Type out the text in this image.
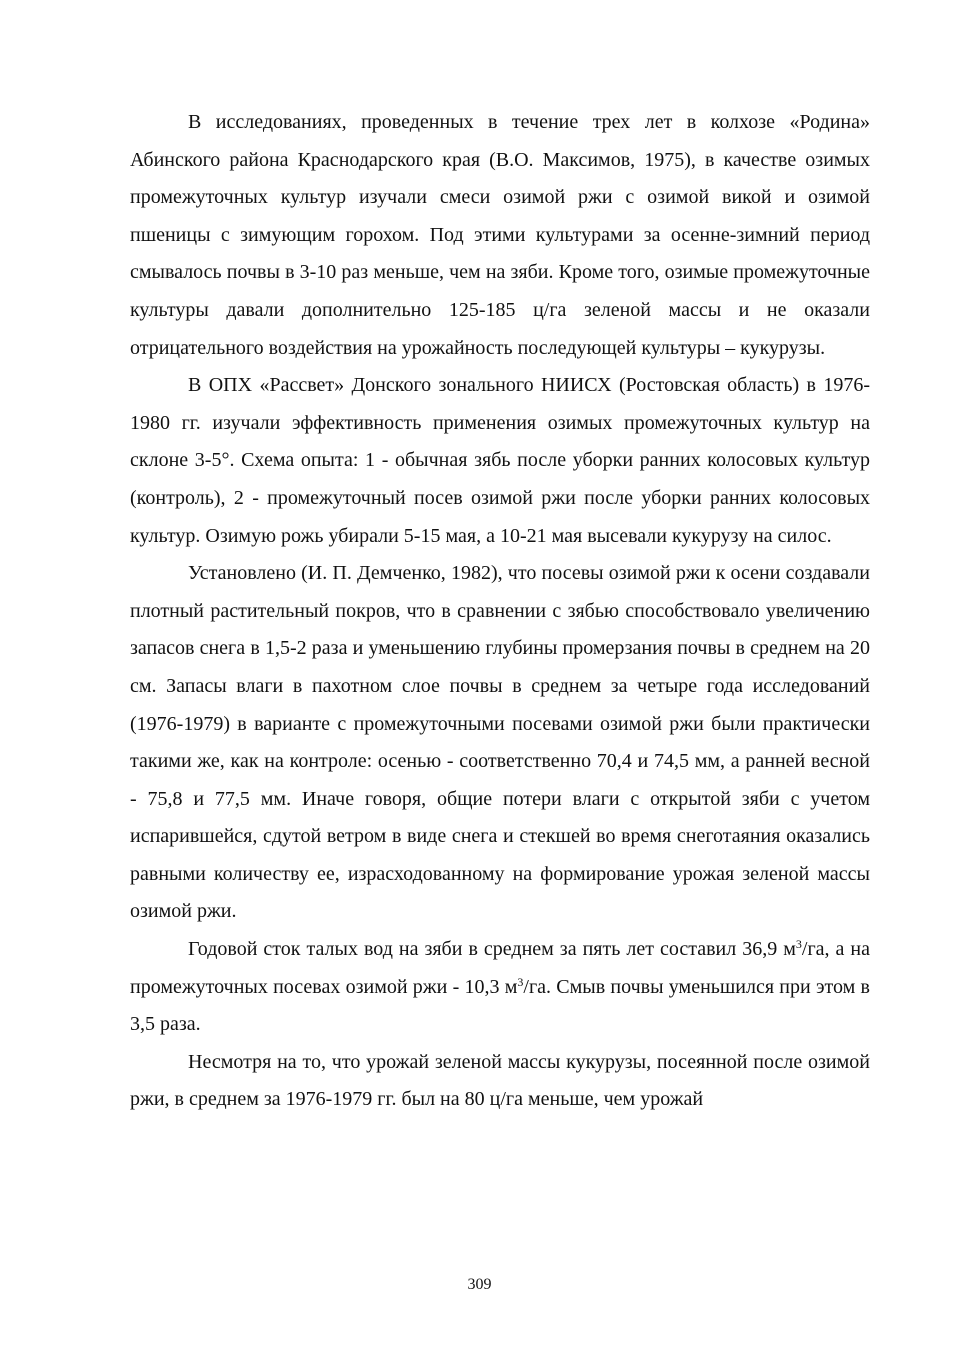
В исследованиях, проведенных в течение трех лет в колхозе «Родина» Абинского района Краснодарского края (В.О. Максимов, 1975), в качестве озимых промежуточных культур изучали смеси озимой ржи с озимой викой и озимой пшеницы с зимующим горохом. Под этими культурами за осенне-зимний период смывалось почвы в 3-10 раз меньше, чем на зяби. Кроме того, озимые промежуточные культуры давали дополнительно 125-185 ц/га зеленой массы и не оказали отрицательного воздействия на урожайность последующей культуры – кукурузы.

В ОПХ «Рассвет» Донского зонального НИИСХ (Ростовская область) в 1976-1980 гг. изучали эффективность применения озимых промежуточных культур на склоне 3-5°. Схема опыта: 1 - обычная зябь после уборки ранних колосовых культур (контроль), 2 - промежуточный посев озимой ржи после уборки ранних колосовых культур. Озимую рожь убирали 5-15 мая, а 10-21 мая высевали кукурузу на силос.

Установлено (И. П. Демченко, 1982), что посевы озимой ржи к осени создавали плотный растительный покров, что в сравнении с зябью способствовало увеличению запасов снега в 1,5-2 раза и уменьшению глубины промерзания почвы в среднем на 20 см. Запасы влаги в пахотном слое почвы в среднем за четыре года исследований (1976-1979) в варианте с промежуточными посевами озимой ржи были практически такими же, как на контроле: осенью - соответственно 70,4 и 74,5 мм, а ранней весной - 75,8 и 77,5 мм. Иначе говоря, общие потери влаги с открытой зяби с учетом испарившейся, сдутой ветром в виде снега и стекшей во время снеготаяния оказались равными количеству ее, израсходованному на формирование урожая зеленой массы озимой ржи.

Годовой сток талых вод на зяби в среднем за пять лет составил 36,9 $м^3/га$, а на промежуточных посевах озимой ржи - 10,3 $м^3/га$. Смыв почвы уменьшился при этом в 3,5 раза.

Несмотря на то, что урожай зеленой массы кукурузы, посеянной после озимой ржи, в среднем за 1976-1979 гг. был на 80 ц/га меньше, чем урожай

309
